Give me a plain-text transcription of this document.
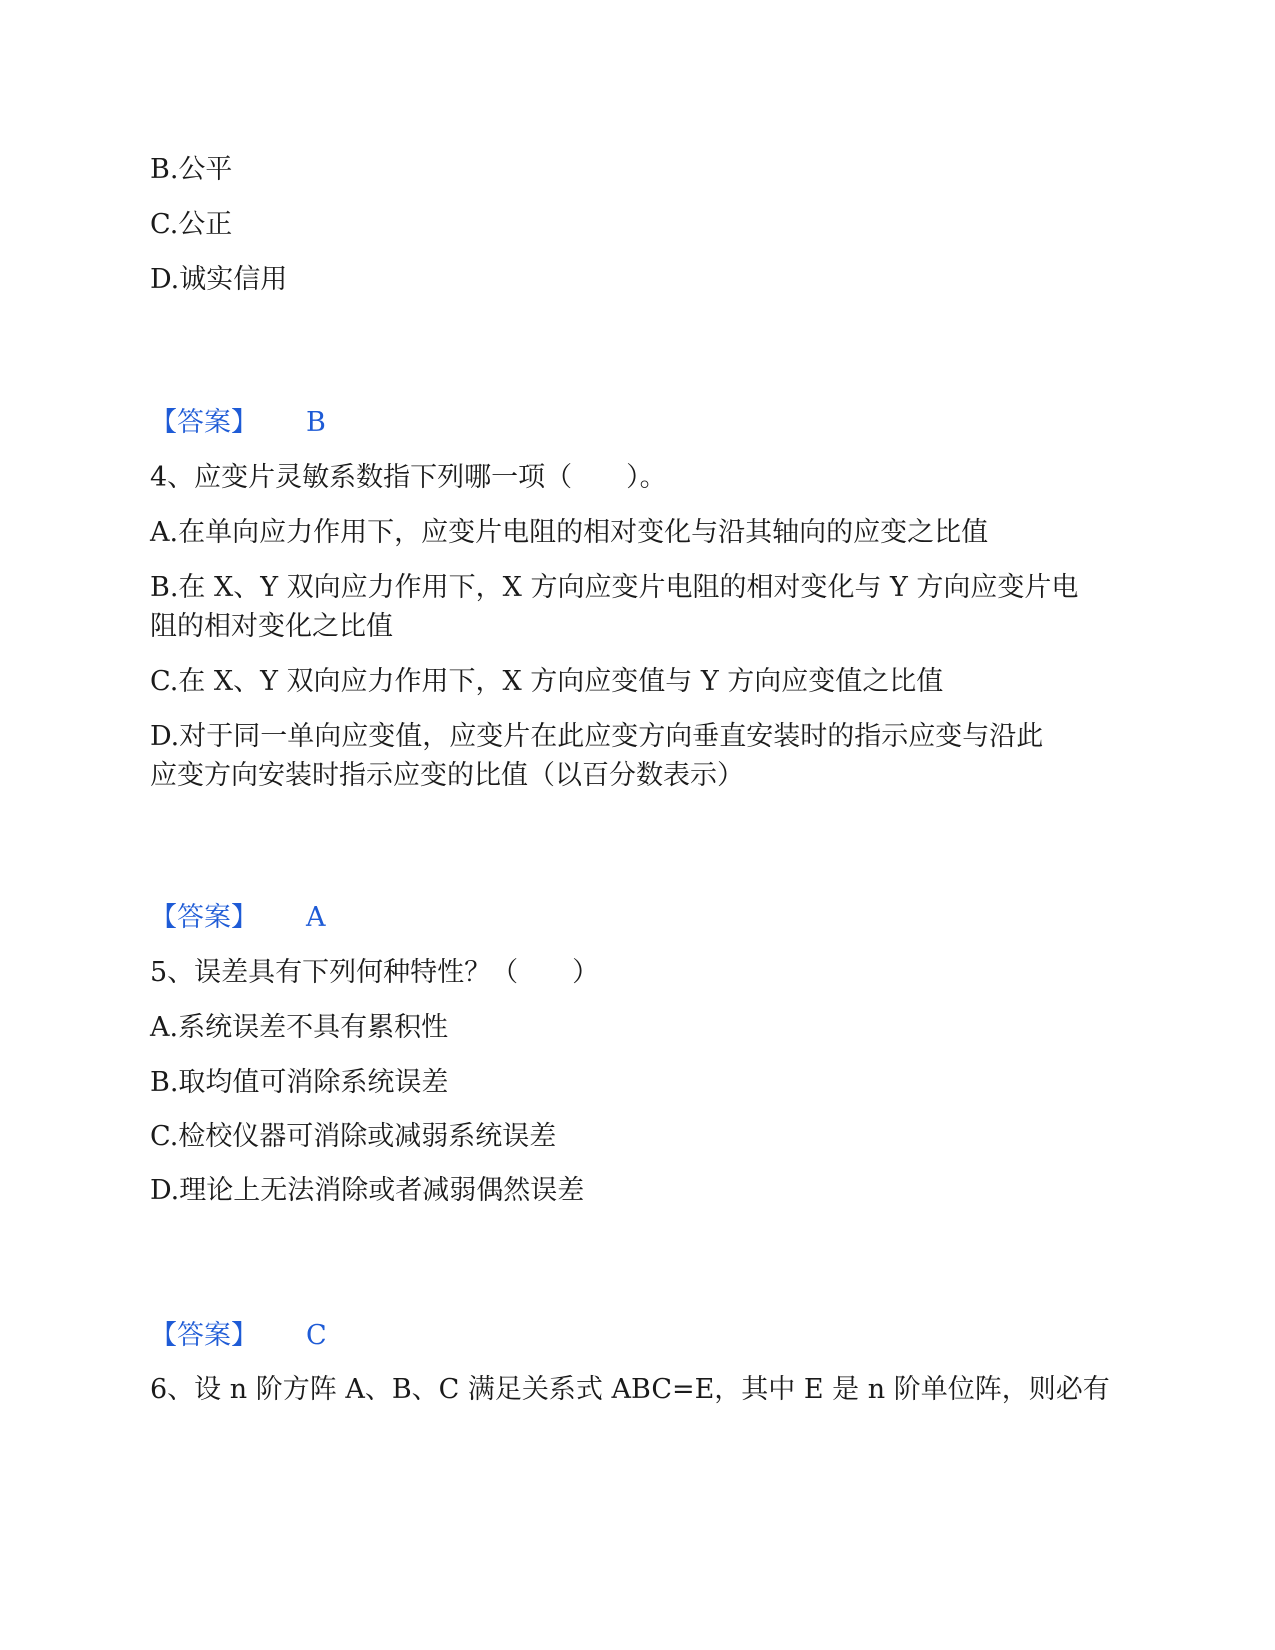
B.公平
C.公正
D.诚实信用
【答案】 B
4、应变片灵敏系数指下列哪一项（　　）。
A.在单向应力作用下，应变片电阻的相对变化与沿其轴向的应变之比值
B.在 X、Y 双向应力作用下，X 方向应变片电阻的相对变化与 Y 方向应变片电
阻的相对变化之比值
C.在 X、Y 双向应力作用下，X 方向应变值与 Y 方向应变值之比值
D.对于同一单向应变值，应变片在此应变方向垂直安装时的指示应变与沿此
应变方向安装时指示应变的比值（以百分数表示）
【答案】 A
5、误差具有下列何种特性？（　　）
A.系统误差不具有累积性
B.取均值可消除系统误差
C.检校仪器可消除或减弱系统误差
D.理论上无法消除或者减弱偶然误差
【答案】 C
6、设 n 阶方阵 A、B、C 满足关系式 ABC=E，其中 E 是 n 阶单位阵，则必有
